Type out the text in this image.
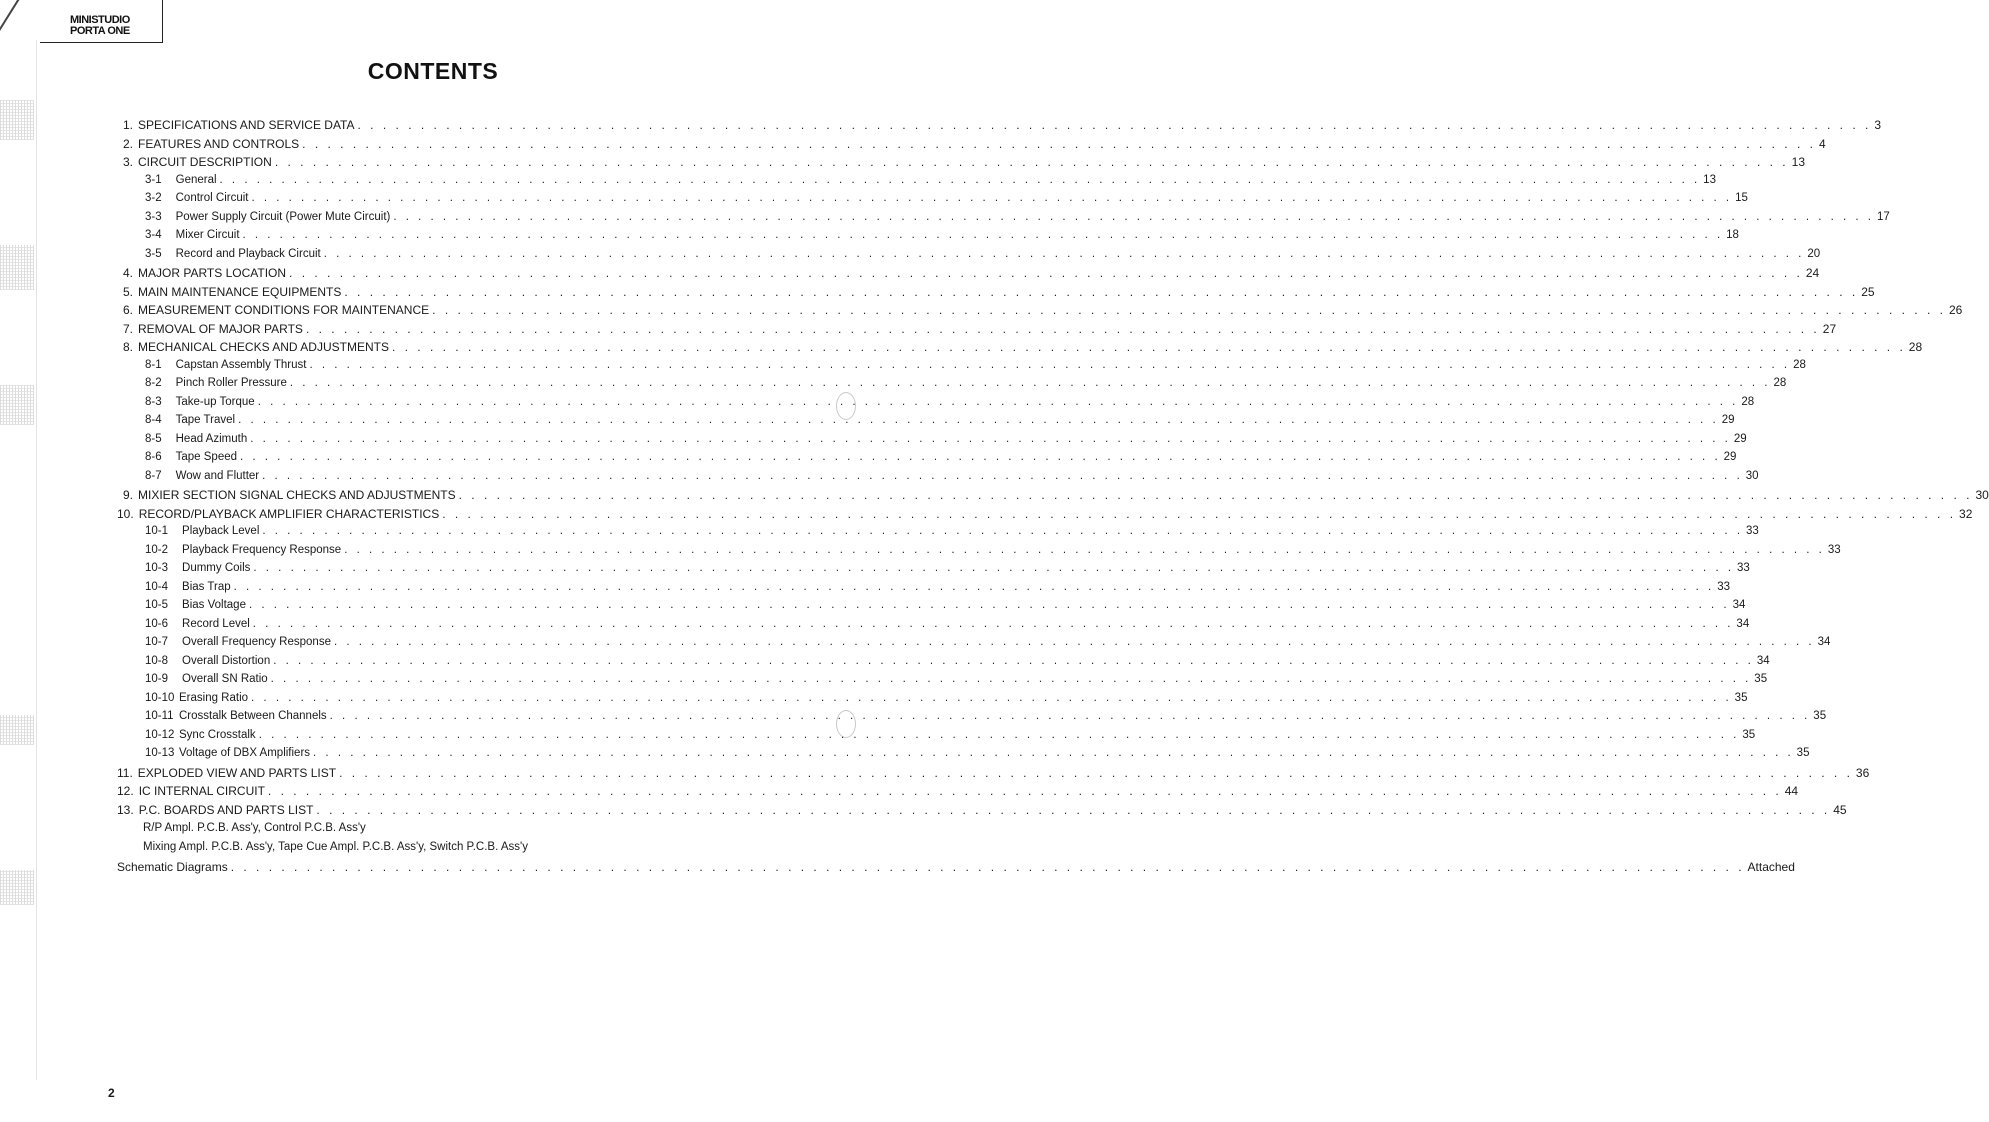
MINISTUDIO
PORTA ONE
CONTENTS
1. SPECIFICATIONS AND SERVICE DATA . . . . . . . . . . . . . . . . . . . . . . . . . . . . . . . . . . . . . . . . . . . . . . . . . . . . . . . . . . . . . . . . . . . . . . . . . . . . . . . . . . . . . . . . . . . . . . . . . . . . . . . . . . . . . . . . . . . . . . . . 3
2. FEATURES AND CONTROLS . . . . . . . . . . . . . . . . . . . . . . . . . . . . . . . . . . . . . . . . . . . . . . . . . . . . . . . . . . . . . . . . . . . . . . . . . . . . . . . . . . . . . . . . . . . . . . . . . . . . . . . . . . . . . . . . . . . . . . . . 4
3. CIRCUIT DESCRIPTION . . . . . . . . . . . . . . . . . . . . . . . . . . . . . . . . . . . . . . . . . . . . . . . . . . . . . . . . . . . . . . . . . . . . . . . . . . . . . . . . . . . . . . . . . . . . . . . . . . . . . . . . . . . . . . . . . . . . . . . . 13
3-1	General . . . . . . . . . . . . . . . . . . . . . . . . . . . . . . . . . . . . . . . . . . . . . . . . . . . . . . . . . . . . . . . . . . . . . . . . . . . . . . . . . . . . . . . . . . . . . . . . . . . . . . . . . . . . . . . . . . . . . . . . 13
3-2	Control Circuit . . . . . . . . . . . . . . . . . . . . . . . . . . . . . . . . . . . . . . . . . . . . . . . . . . . . . . . . . . . . . . . . . . . . . . . . . . . . . . . . . . . . . . . . . . . . . . . . . . . . . . . . . . . . . . . . . . . . . . . . 15
3-3	Power Supply Circuit (Power Mute Circuit) . . . . . . . . . . . . . . . . . . . . . . . . . . . . . . . . . . . . . . . . . . . . . . . . . . . . . . . . . . . . . . . . . . . . . . . . . . . . . . . . . . . . . . . . . . . . . . . . . . . . . . . . . . . . . . . . . . . . . . . . 17
3-4	Mixer Circuit . . . . . . . . . . . . . . . . . . . . . . . . . . . . . . . . . . . . . . . . . . . . . . . . . . . . . . . . . . . . . . . . . . . . . . . . . . . . . . . . . . . . . . . . . . . . . . . . . . . . . . . . . . . . . . . . . . . . . . . . 18
3-5	Record and Playback Circuit . . . . . . . . . . . . . . . . . . . . . . . . . . . . . . . . . . . . . . . . . . . . . . . . . . . . . . . . . . . . . . . . . . . . . . . . . . . . . . . . . . . . . . . . . . . . . . . . . . . . . . . . . . . . . . . . . . . . . . . . 20
4. MAJOR PARTS LOCATION . . . . . . . . . . . . . . . . . . . . . . . . . . . . . . . . . . . . . . . . . . . . . . . . . . . . . . . . . . . . . . . . . . . . . . . . . . . . . . . . . . . . . . . . . . . . . . . . . . . . . . . . . . . . . . . . . . . . . . . . 24
5. MAIN MAINTENANCE EQUIPMENTS . . . . . . . . . . . . . . . . . . . . . . . . . . . . . . . . . . . . . . . . . . . . . . . . . . . . . . . . . . . . . . . . . . . . . . . . . . . . . . . . . . . . . . . . . . . . . . . . . . . . . . . . . . . . . . . . . . . . . . . . 25
6. MEASUREMENT CONDITIONS FOR MAINTENANCE . . . . . . . . . . . . . . . . . . . . . . . . . . . . . . . . . . . . . . . . . . . . . . . . . . . . . . . . . . . . . . . . . . . . . . . . . . . . . . . . . . . . . . . . . . . . . . . . . . . . . . . . . . . . . . . . . . . . . . . . 26
7. REMOVAL OF MAJOR PARTS . . . . . . . . . . . . . . . . . . . . . . . . . . . . . . . . . . . . . . . . . . . . . . . . . . . . . . . . . . . . . . . . . . . . . . . . . . . . . . . . . . . . . . . . . . . . . . . . . . . . . . . . . . . . . . . . . . . . . . . . 27
8. MECHANICAL CHECKS AND ADJUSTMENTS . . . . . . . . . . . . . . . . . . . . . . . . . . . . . . . . . . . . . . . . . . . . . . . . . . . . . . . . . . . . . . . . . . . . . . . . . . . . . . . . . . . . . . . . . . . . . . . . . . . . . . . . . . . . . . . . . . . . . . . . 28
8-1	Capstan Assembly Thrust . . . . . . . . . . . . . . . . . . . . . . . . . . . . . . . . . . . . . . . . . . . . . . . . . . . . . . . . . . . . . . . . . . . . . . . . . . . . . . . . . . . . . . . . . . . . . . . . . . . . . . . . . . . . . . . . . . . . . . . . 28
8-2	Pinch Roller Pressure . . . . . . . . . . . . . . . . . . . . . . . . . . . . . . . . . . . . . . . . . . . . . . . . . . . . . . . . . . . . . . . . . . . . . . . . . . . . . . . . . . . . . . . . . . . . . . . . . . . . . . . . . . . . . . . . . . . . . . . . 28
8-3	Take-up Torque . . . . . . . . . . . . . . . . . . . . . . . . . . . . . . . . . . . . . . . . . . . . . . . . . . . . . . . . . . . . . . . . . . . . . . . . . . . . . . . . . . . . . . . . . . . . . . . . . . . . . . . . . . . . . . . . . . . . . . . . 28
8-4	Tape Travel . . . . . . . . . . . . . . . . . . . . . . . . . . . . . . . . . . . . . . . . . . . . . . . . . . . . . . . . . . . . . . . . . . . . . . . . . . . . . . . . . . . . . . . . . . . . . . . . . . . . . . . . . . . . . . . . . . . . . . . . 29
8-5	Head Azimuth . . . . . . . . . . . . . . . . . . . . . . . . . . . . . . . . . . . . . . . . . . . . . . . . . . . . . . . . . . . . . . . . . . . . . . . . . . . . . . . . . . . . . . . . . . . . . . . . . . . . . . . . . . . . . . . . . . . . . . . . 29
8-6	Tape Speed . . . . . . . . . . . . . . . . . . . . . . . . . . . . . . . . . . . . . . . . . . . . . . . . . . . . . . . . . . . . . . . . . . . . . . . . . . . . . . . . . . . . . . . . . . . . . . . . . . . . . . . . . . . . . . . . . . . . . . . . 29
8-7	Wow and Flutter . . . . . . . . . . . . . . . . . . . . . . . . . . . . . . . . . . . . . . . . . . . . . . . . . . . . . . . . . . . . . . . . . . . . . . . . . . . . . . . . . . . . . . . . . . . . . . . . . . . . . . . . . . . . . . . . . . . . . . . . 30
9. MIXIER SECTION SIGNAL CHECKS AND ADJUSTMENTS . . . . . . . . . . . . . . . . . . . . . . . . . . . . . . . . . . . . . . . . . . . . . . . . . . . . . . . . . . . . . . . . . . . . . . . . . . . . . . . . . . . . . . . . . . . . . . . . . . . . . . . . . . . . . . . . . . . . . . . . 30
10. RECORD/PLAYBACK AMPLIFIER CHARACTERISTICS . . . . . . . . . . . . . . . . . . . . . . . . . . . . . . . . . . . . . . . . . . . . . . . . . . . . . . . . . . . . . . . . . . . . . . . . . . . . . . . . . . . . . . . . . . . . . . . . . . . . . . . . . . . . . . . . . . . . . . . . 32
10-1	Playback Level . . . . . . . . . . . . . . . . . . . . . . . . . . . . . . . . . . . . . . . . . . . . . . . . . . . . . . . . . . . . . . . . . . . . . . . . . . . . . . . . . . . . . . . . . . . . . . . . . . . . . . . . . . . . . . . . . . . . . . . . 33
10-2	Playback Frequency Response . . . . . . . . . . . . . . . . . . . . . . . . . . . . . . . . . . . . . . . . . . . . . . . . . . . . . . . . . . . . . . . . . . . . . . . . . . . . . . . . . . . . . . . . . . . . . . . . . . . . . . . . . . . . . . . . . . . . . . . . 33
10-3	Dummy Coils . . . . . . . . . . . . . . . . . . . . . . . . . . . . . . . . . . . . . . . . . . . . . . . . . . . . . . . . . . . . . . . . . . . . . . . . . . . . . . . . . . . . . . . . . . . . . . . . . . . . . . . . . . . . . . . . . . . . . . . . 33
10-4	Bias Trap . . . . . . . . . . . . . . . . . . . . . . . . . . . . . . . . . . . . . . . . . . . . . . . . . . . . . . . . . . . . . . . . . . . . . . . . . . . . . . . . . . . . . . . . . . . . . . . . . . . . . . . . . . . . . . . . . . . . . . . . 33
10-5	Bias Voltage . . . . . . . . . . . . . . . . . . . . . . . . . . . . . . . . . . . . . . . . . . . . . . . . . . . . . . . . . . . . . . . . . . . . . . . . . . . . . . . . . . . . . . . . . . . . . . . . . . . . . . . . . . . . . . . . . . . . . . . . 34
10-6	Record Level . . . . . . . . . . . . . . . . . . . . . . . . . . . . . . . . . . . . . . . . . . . . . . . . . . . . . . . . . . . . . . . . . . . . . . . . . . . . . . . . . . . . . . . . . . . . . . . . . . . . . . . . . . . . . . . . . . . . . . . . 34
10-7	Overall Frequency Response . . . . . . . . . . . . . . . . . . . . . . . . . . . . . . . . . . . . . . . . . . . . . . . . . . . . . . . . . . . . . . . . . . . . . . . . . . . . . . . . . . . . . . . . . . . . . . . . . . . . . . . . . . . . . . . . . . . . . . . . 34
10-8	Overall Distortion . . . . . . . . . . . . . . . . . . . . . . . . . . . . . . . . . . . . . . . . . . . . . . . . . . . . . . . . . . . . . . . . . . . . . . . . . . . . . . . . . . . . . . . . . . . . . . . . . . . . . . . . . . . . . . . . . . . . . . . . 34
10-9	Overall SN Ratio . . . . . . . . . . . . . . . . . . . . . . . . . . . . . . . . . . . . . . . . . . . . . . . . . . . . . . . . . . . . . . . . . . . . . . . . . . . . . . . . . . . . . . . . . . . . . . . . . . . . . . . . . . . . . . . . . . . . . . . . 35
10-10 Erasing Ratio . . . . . . . . . . . . . . . . . . . . . . . . . . . . . . . . . . . . . . . . . . . . . . . . . . . . . . . . . . . . . . . . . . . . . . . . . . . . . . . . . . . . . . . . . . . . . . . . . . . . . . . . . . . . . . . . . . . . . . . . 35
10-11 Crosstalk Between Channels . . . . . . . . . . . . . . . . . . . . . . . . . . . . . . . . . . . . . . . . . . . . . . . . . . . . . . . . . . . . . . . . . . . . . . . . . . . . . . . . . . . . . . . . . . . . . . . . . . . . . . . . . . . . . . . . . . . . . . . . 35
10-12 Sync Crosstalk . . . . . . . . . . . . . . . . . . . . . . . . . . . . . . . . . . . . . . . . . . . . . . . . . . . . . . . . . . . . . . . . . . . . . . . . . . . . . . . . . . . . . . . . . . . . . . . . . . . . . . . . . . . . . . . . . . . . . . . . 35
10-13 Voltage of DBX Amplifiers . . . . . . . . . . . . . . . . . . . . . . . . . . . . . . . . . . . . . . . . . . . . . . . . . . . . . . . . . . . . . . . . . . . . . . . . . . . . . . . . . . . . . . . . . . . . . . . . . . . . . . . . . . . . . . . . . . . . . . . . 35
11. EXPLODED VIEW AND PARTS LIST . . . . . . . . . . . . . . . . . . . . . . . . . . . . . . . . . . . . . . . . . . . . . . . . . . . . . . . . . . . . . . . . . . . . . . . . . . . . . . . . . . . . . . . . . . . . . . . . . . . . . . . . . . . . . . . . . . . . . . . . 36
12. IC INTERNAL CIRCUIT . . . . . . . . . . . . . . . . . . . . . . . . . . . . . . . . . . . . . . . . . . . . . . . . . . . . . . . . . . . . . . . . . . . . . . . . . . . . . . . . . . . . . . . . . . . . . . . . . . . . . . . . . . . . . . . . . . . . . . . . 44
13. P.C. BOARDS AND PARTS LIST . . . . . . . . . . . . . . . . . . . . . . . . . . . . . . . . . . . . . . . . . . . . . . . . . . . . . . . . . . . . . . . . . . . . . . . . . . . . . . . . . . . . . . . . . . . . . . . . . . . . . . . . . . . . . . . . . . . . . . . . 45
R/P Ampl. P.C.B. Ass'y, Control P.C.B. Ass'y
Mixing Ampl. P.C.B. Ass'y, Tape Cue Ampl. P.C.B. Ass'y, Switch P.C.B. Ass'y
Schematic Diagrams . . . . . . . . . . . . . . . . . . . . . . . . . . . . . . . . . . . . . . . . . . . . . . . . . . . . . . . . . . . . . . . . . . . . . . . . . . . . . . . . . . . . . . . . . . . . . . . . . . . . . . . . . . . . . . . . . . . . . . . . Attached
2
